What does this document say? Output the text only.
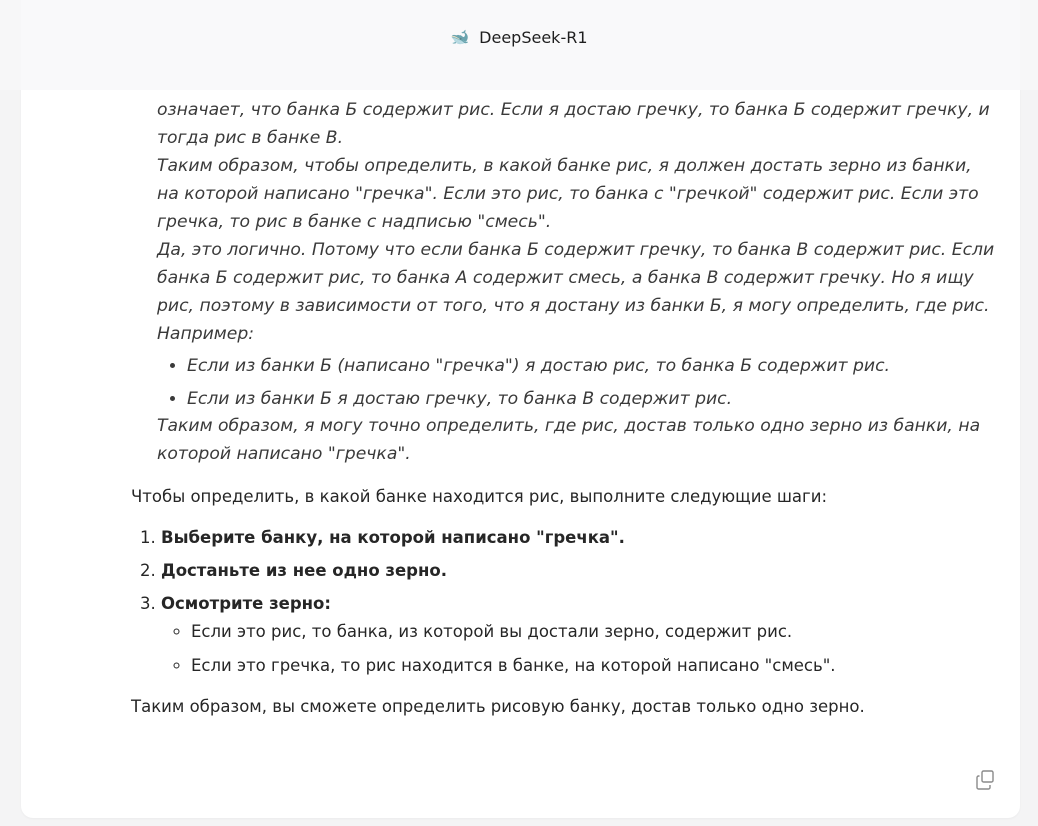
🐋 DeepSeek-R1

означает, что банка Б содержит рис. Если я достаю гречку, то банка Б содержит гречку, и тогда рис в банке В.

Таким образом, чтобы определить, в какой банке рис, я должен достать зерно из банки, на которой написано "гречка". Если это рис, то банка с "гречкой" содержит рис. Если это гречка, то рис в банке с надписью "смесь".

Да, это логично. Потому что если банка Б содержит гречку, то банка В содержит рис. Если банка Б содержит рис, то банка А содержит смесь, а банка В содержит гречку. Но я ищу рис, поэтому в зависимости от того, что я достану из банки Б, я могу определить, где рис.

Например:

• Если из банки Б (написано "гречка") я достаю рис, то банка Б содержит рис.
• Если из банки Б я достаю гречку, то банка В содержит рис.

Таким образом, я могу точно определить, где рис, достав только одно зерно из банки, на которой написано "гречка".

Чтобы определить, в какой банке находится рис, выполните следующие шаги:

1. Выберите банку, на которой написано "гречка".
2. Достаньте из нее одно зерно.
3. Осмотрите зерно:
◦ Если это рис, то банка, из которой вы достали зерно, содержит рис.
◦ Если это гречка, то рис находится в банке, на которой написано "смесь".

Таким образом, вы сможете определить рисовую банку, достав только одно зерно.
